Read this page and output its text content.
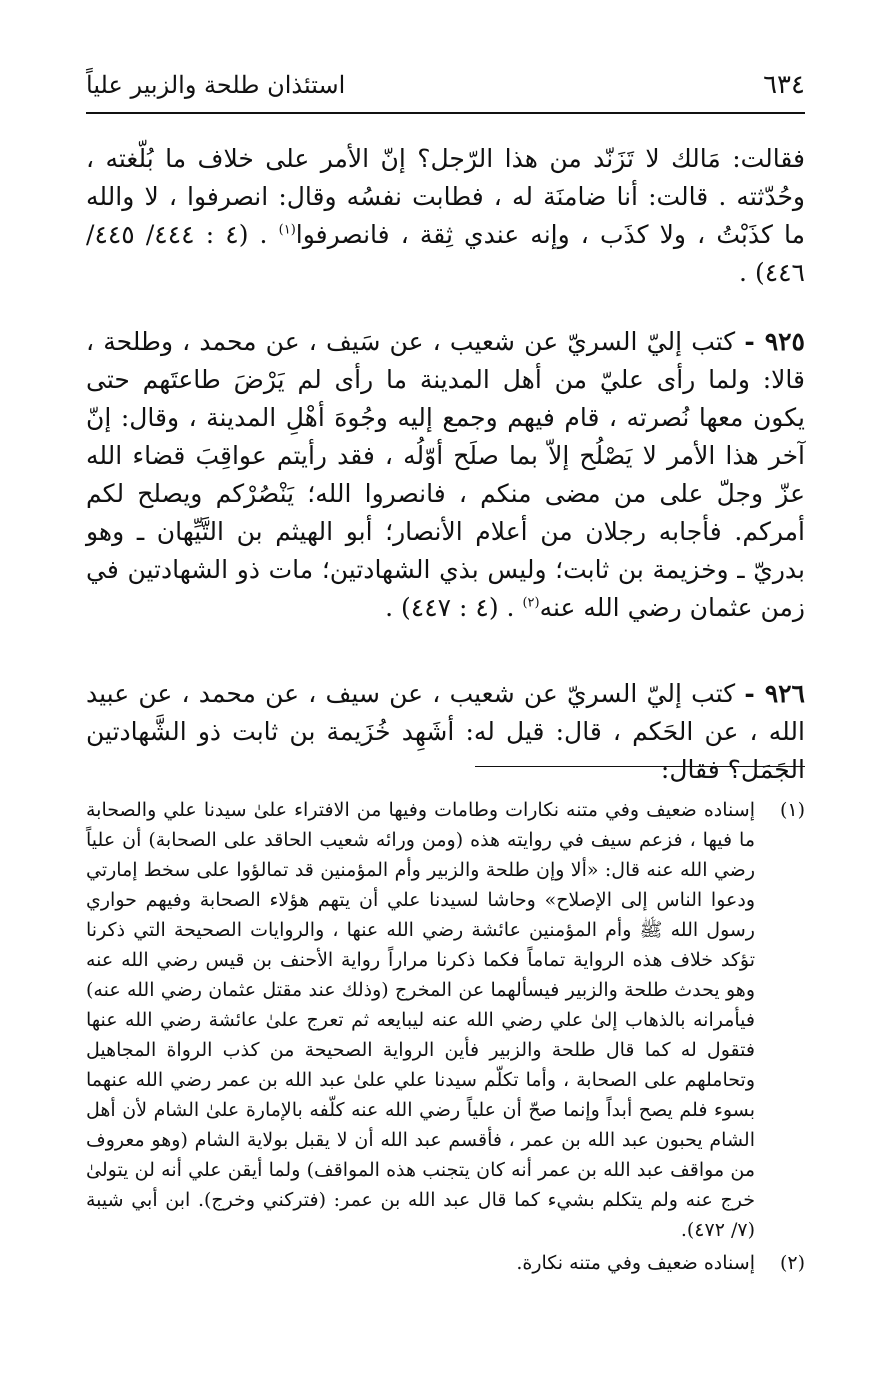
٦٣٤
استئذان طلحة والزبير علياً

فقالت: مَالك لا تَزَنّد من هذا الرّجل؟ إنّ الأمر على خلاف ما بُلّغته ، وحُدّثته . قالت: أنا ضامنَة له ، فطابت نفسُه وقال: انصرفوا ، لا والله ما كذَبْتُ ، ولا كذَب ، وإنه عندي ثِقة ، فانصرفوا$^{(١)}$ . (٤ : ٤٤٤/ ٤٤٥/ ٤٤٦) .

٩٢٥ - كتب إليّ السريّ عن شعيب ، عن سَيف ، عن محمد ، وطلحة ، قالا: ولما رأى عليّ من أهل المدينة ما رأى لم يَرْضَ طاعتَهم حتى يكون معها نُصرته ، قام فيهم وجمع إليه وجُوهَ أهْلِ المدينة ، وقال: إنّ آخر هذا الأمر لا يَصْلُح إلاّ بما صلَح أوّلُه ، فقد رأيتم عواقِبَ قضاء الله عزّ وجلّ على من مضى منكم ، فانصروا الله؛ يَنْصُرْكم ويصلح لكم أمركم. فأجابه رجلان من أعلام الأنصار؛ أبو الهيثم بن التَّيِّهان ـ وهو بدريّ ـ وخزيمة بن ثابت؛ وليس بذي الشهادتين؛ مات ذو الشهادتين في زمن عثمان رضي الله عنه$^{(٢)}$ . (٤ : ٤٤٧) .

٩٢٦ - كتب إليّ السريّ عن شعيب ، عن سيف ، عن محمد ، عن عبيد الله ، عن الحَكم ، قال: قيل له: أشَهِد خُزَيمة بن ثابت ذو الشَّهادتين الجَمَل؟ فقال:

(١)
إسناده ضعيف وفي متنه نكارات وطامات وفيها من الافتراء علىٰ سيدنا علي والصحابة ما فيها ، فزعم سيف في روايته هذه (ومن ورائه شعيب الحاقد على الصحابة) أن علياً رضي الله عنه قال: «ألا وإن طلحة والزبير وأم المؤمنين قد تمالؤوا على سخط إمارتي ودعوا الناس إلى الإصلاح» وحاشا لسيدنا علي أن يتهم هؤلاء الصحابة وفيهم حواري رسول الله ﷺ وأم المؤمنين عائشة رضي الله عنها ، والروايات الصحيحة التي ذكرنا تؤكد خلاف هذه الرواية تماماً فكما ذكرنا مراراً رواية الأحنف بن قيس رضي الله عنه وهو يحدث طلحة والزبير فيسألهما عن المخرج (وذلك عند مقتل عثمان رضي الله عنه) فيأمرانه بالذهاب إلىٰ علي رضي الله عنه ليبايعه ثم تعرج علىٰ عائشة رضي الله عنها فتقول له كما قال طلحة والزبير فأين الرواية الصحيحة من كذب الرواة المجاهيل وتحاملهم على الصحابة ، وأما تكلّم سيدنا علي علىٰ عبد الله بن عمر رضي الله عنهما بسوء فلم يصح أبداً وإنما صحّ أن علياً رضي الله عنه كلّفه بالإمارة علىٰ الشام لأن أهل الشام يحبون عبد الله بن عمر ، فأقسم عبد الله أن لا يقبل بولاية الشام (وهو معروف من مواقف عبد الله بن عمر أنه كان يتجنب هذه المواقف) ولما أيقن علي أنه لن يتولىٰ خرج عنه ولم يتكلم بشيء كما قال عبد الله بن عمر: (فتركني وخرج). ابن أبي شيبة (٧/ ٤٧٢).

(٢)
إسناده ضعيف وفي متنه نكارة.
